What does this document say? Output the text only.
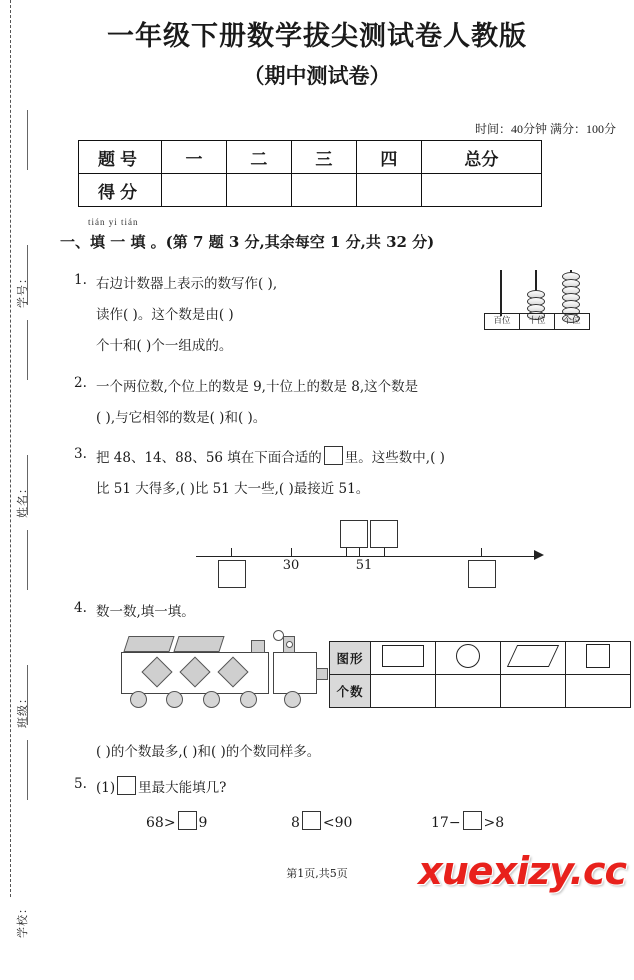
学号：
姓名：
班级：
学校：
一年级下册数学拔尖测试卷人教版
（期中测试卷）
时间：40分钟 满分：100分
题号	一	二	三	四	总分
得分					
tián yi tián
一、填 一 填 。(第 7 题 3 分,其余每空 1 分,共 32 分)
1. 右边计数器上表示的数写作( ),
读作( )。这个数是由( )
个十和( )个一组成的。
百位	十位	个位
2. 一个两位数,个位上的数是 9,十位上的数是 8,这个数是
( ),与它相邻的数是( )和( )。
3. 把 48、14、88、56 填在下面合适的 里。这些数中,( )
比 51 大得多,( )比 51 大一些,( )最接近 51。
30	51
4. 数一数,填一填。
图形				
个数				
( )的个数最多,( )和( )的个数同样多。
5. (1) 里最大能填几?
68> 9	8 <90	17− >8
第1页,共5页	xuexizy.cc
